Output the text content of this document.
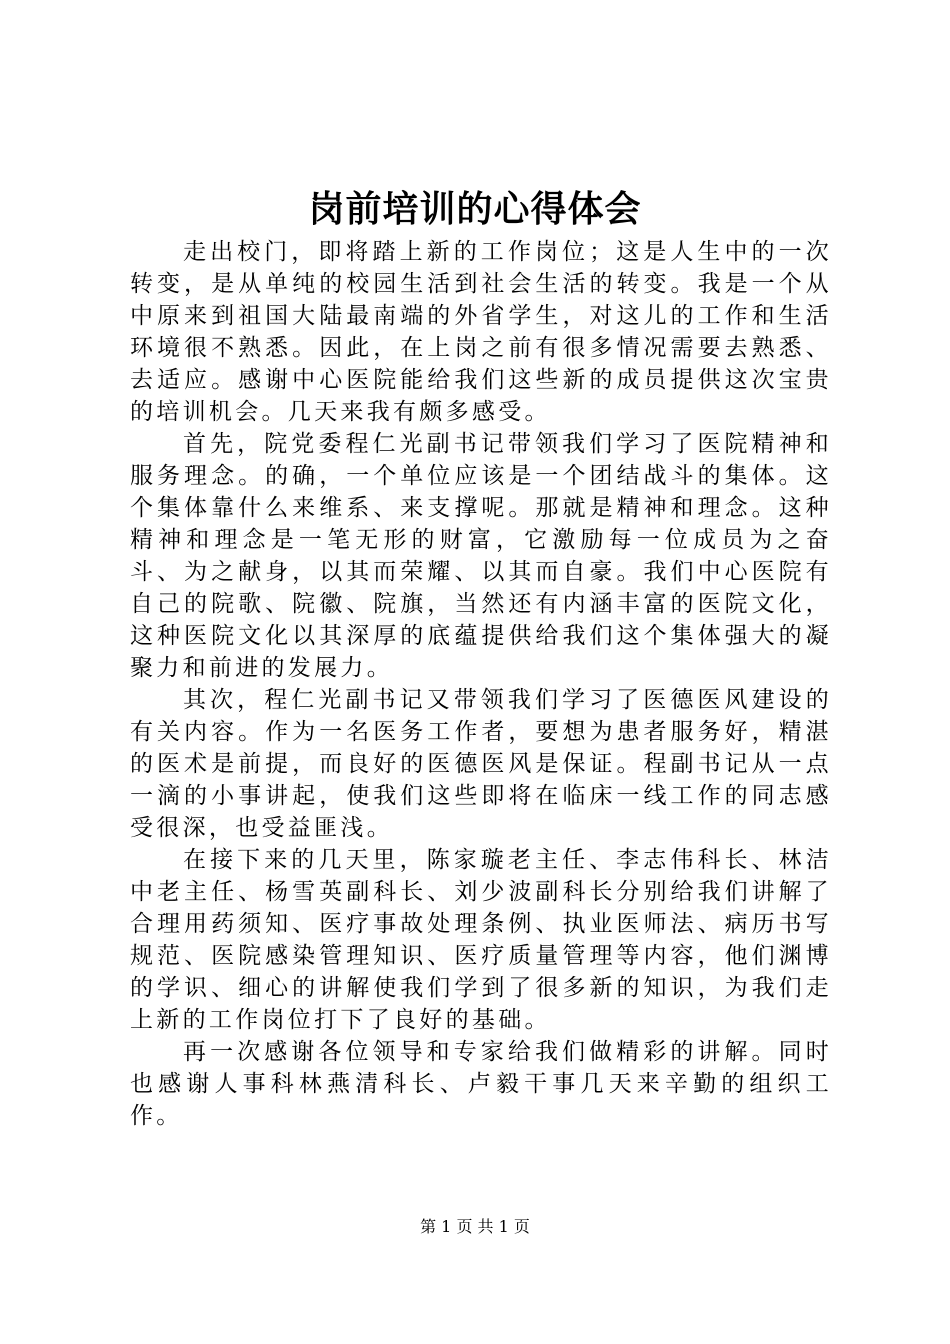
岗前培训的心得体会

走出校门，即将踏上新的工作岗位；这是人生中的一次转变，是从单纯的校园生活到社会生活的转变。我是一个从中原来到祖国大陆最南端的外省学生，对这儿的工作和生活环境很不熟悉。因此，在上岗之前有很多情况需要去熟悉、去适应。感谢中心医院能给我们这些新的成员提供这次宝贵的培训机会。几天来我有颇多感受。

首先，院党委程仁光副书记带领我们学习了医院精神和服务理念。的确，一个单位应该是一个团结战斗的集体。这个集体靠什么来维系、来支撑呢。那就是精神和理念。这种精神和理念是一笔无形的财富，它激励每一位成员为之奋斗、为之献身，以其而荣耀、以其而自豪。我们中心医院有自己的院歌、院徽、院旗，当然还有内涵丰富的医院文化，这种医院文化以其深厚的底蕴提供给我们这个集体强大的凝聚力和前进的发展力。

其次，程仁光副书记又带领我们学习了医德医风建设的有关内容。作为一名医务工作者，要想为患者服务好，精湛的医术是前提，而良好的医德医风是保证。程副书记从一点一滴的小事讲起，使我们这些即将在临床一线工作的同志感受很深，也受益匪浅。

在接下来的几天里，陈家璇老主任、李志伟科长、林洁中老主任、杨雪英副科长、刘少波副科长分别给我们讲解了合理用药须知、医疗事故处理条例、执业医师法、病历书写规范、医院感染管理知识、医疗质量管理等内容，他们渊博的学识、细心的讲解使我们学到了很多新的知识，为我们走上新的工作岗位打下了良好的基础。

再一次感谢各位领导和专家给我们做精彩的讲解。同时也感谢人事科林燕清科长、卢毅干事几天来辛勤的组织工作。

第 1 页 共 1 页
